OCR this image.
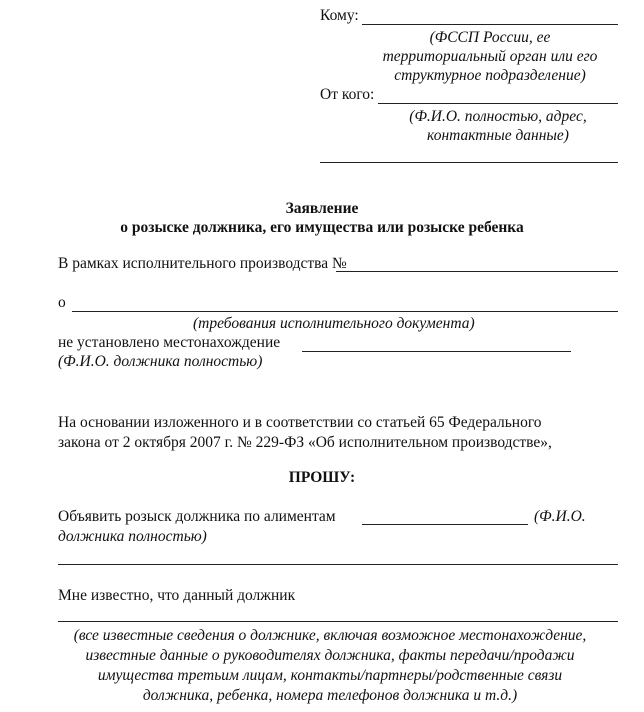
Кому:
(ФССП России, ее
территориальный орган или его
структурное подразделение)
От кого:
(Ф.И.О. полностью, адрес,
контактные данные)
Заявление
о розыске должника, его имущества или розыске ребенка
В рамках исполнительного производства №
о
(требования исполнительного документа)
не установлено местонахождение
(Ф.И.О. должника полностью)
На основании изложенного и в соответствии со статьей 65 Федерального
закона от 2 октября 2007 г. № 229-ФЗ «Об исполнительном производстве»,
ПРОШУ:
Объявить розыск должника по алиментам	(Ф.И.О.
должника полностью)
Мне известно, что данный должник
(все известные сведения о должнике, включая возможное местонахождение,
известные данные о руководителях должника, факты передачи/продажи
имущества третьим лицам, контакты/партнеры/родственные связи
должника, ребенка, номера телефонов должника и т.д.)
